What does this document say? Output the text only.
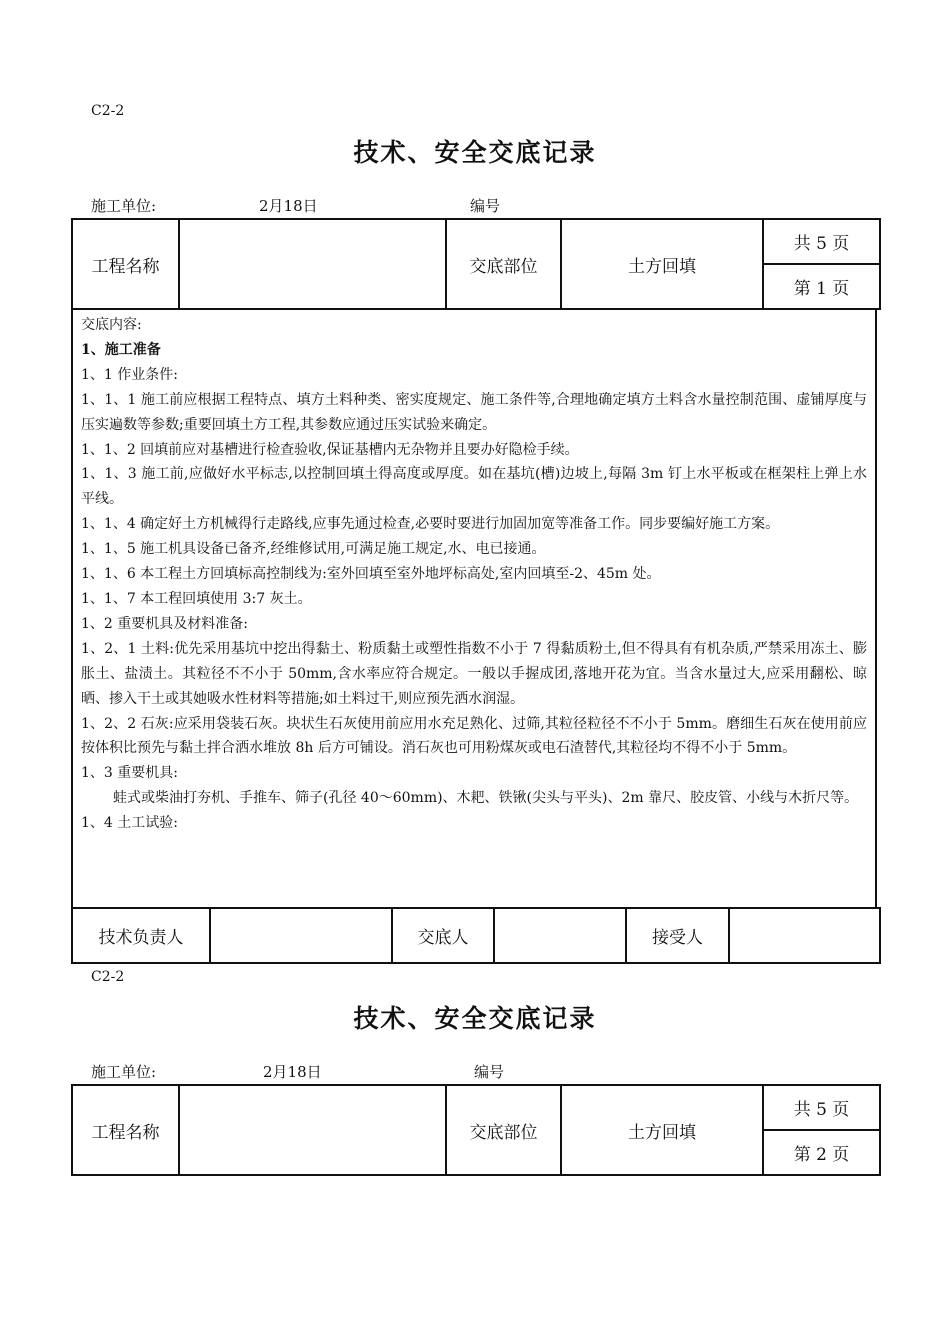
C2-2
技术、安全交底记录
施工单位:	2月18日	编号
工程名称		交底部位	土方回填	共 5 页
第 1 页

交底内容:

1、施工准备

1、1 作业条件:

1、1、1 施工前应根据工程特点、填方土料种类、密实度规定、施工条件等,合理地确定填方土料含水量控制范围、虚铺厚度与压实遍数等参数;重要回填土方工程,其参数应通过压实试验来确定。

1、1、2 回填前应对基槽进行检查验收,保证基槽内无杂物并且要办好隐检手续。

1、1、3 施工前,应做好水平标志,以控制回填土得高度或厚度。如在基坑(槽)边坡上,每隔 3m 钉上水平板或在框架柱上弹上水平线。

1、1、4 确定好土方机械得行走路线,应事先通过检查,必要时要进行加固加宽等准备工作。同步要编好施工方案。

1、1、5 施工机具设备已备齐,经维修试用,可满足施工规定,水、电已接通。

1、1、6 本工程土方回填标高控制线为:室外回填至室外地坪标高处,室内回填至-2、45m 处。

1、1、7 本工程回填使用 3:7 灰土。

1、2 重要机具及材料准备:

1、2、1 土料:优先采用基坑中挖出得黏土、粉质黏土或塑性指数不小于 7 得黏质粉土,但不得具有有机杂质,严禁采用冻土、膨胀土、盐渍土。其粒径不不小于 50mm,含水率应符合规定。一般以手握成团,落地开花为宜。当含水量过大,应采用翻松、晾晒、掺入干土或其她吸水性材料等措施;如土料过干,则应预先洒水润湿。

1、2、2 石灰:应采用袋装石灰。块状生石灰使用前应用水充足熟化、过筛,其粒径粒径不不小于 5mm。磨细生石灰在使用前应按体积比预先与黏土拌合洒水堆放 8h 后方可铺设。消石灰也可用粉煤灰或电石渣替代,其粒径均不得不小于 5mm。

1、3 重要机具:

蛙式或柴油打夯机、手推车、筛子(孔径 40～60mm)、木耙、铁锹(尖头与平头)、2m 靠尺、胶皮管、小线与木折尺等。

1、4 土工试验:

技术负责人		交底人		接受人	
C2-2
技术、安全交底记录
施工单位:	2月18日	编号
工程名称		交底部位	土方回填	共 5 页
第 2 页
